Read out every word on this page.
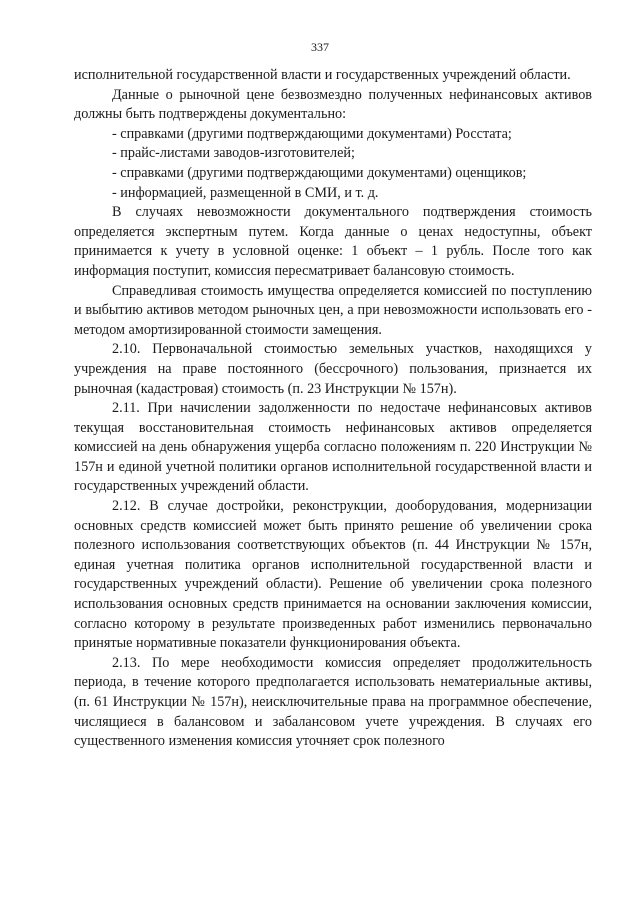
337

исполнительной государственной власти и государственных учреждений области.

Данные о рыночной цене безвозмездно полученных нефинансовых активов должны быть подтверждены документально:

- справками (другими подтверждающими документами) Росстата;

- прайс-листами заводов-изготовителей;

- справками (другими подтверждающими документами) оценщиков;

- информацией, размещенной в СМИ, и т. д.

В случаях невозможности документального подтверждения стоимость определяется экспертным путем. Когда данные о ценах недоступны, объект принимается к учету в условной оценке: 1 объект – 1 рубль. После того как информация поступит, комиссия пересматривает балансовую стоимость.

Справедливая стоимость имущества определяется комиссией по поступлению и выбытию активов методом рыночных цен, а при невозможности использовать его - методом амортизированной стоимости замещения.

2.10. Первоначальной стоимостью земельных участков, находящихся у учреждения на праве постоянного (бессрочного) пользования, признается их рыночная (кадастровая) стоимость (п. 23 Инструкции № 157н).

2.11. При начислении задолженности по недостаче нефинансовых активов текущая восстановительная стоимость нефинансовых активов определяется комиссией на день обнаружения ущерба согласно положениям п. 220 Инструкции № 157н и единой учетной политики органов исполнительной государственной власти и государственных учреждений области.

2.12. В случае достройки, реконструкции, дооборудования, модернизации основных средств комиссией может быть принято решение об увеличении срока полезного использования соответствующих объектов (п. 44 Инструкции № 157н, единая учетная политика органов исполнительной государственной власти и государственных учреждений области). Решение об увеличении срока полезного использования основных средств принимается на основании заключения комиссии, согласно которому в результате произведенных работ изменились первоначально принятые нормативные показатели функционирования объекта.

2.13. По мере необходимости комиссия определяет продолжительность периода, в течение которого предполагается использовать нематериальные активы, (п. 61 Инструкции № 157н), неисключительные права на программное обеспечение, числящиеся в балансовом и забалансовом учете учреждения. В случаях его существенного изменения комиссия уточняет срок полезного
